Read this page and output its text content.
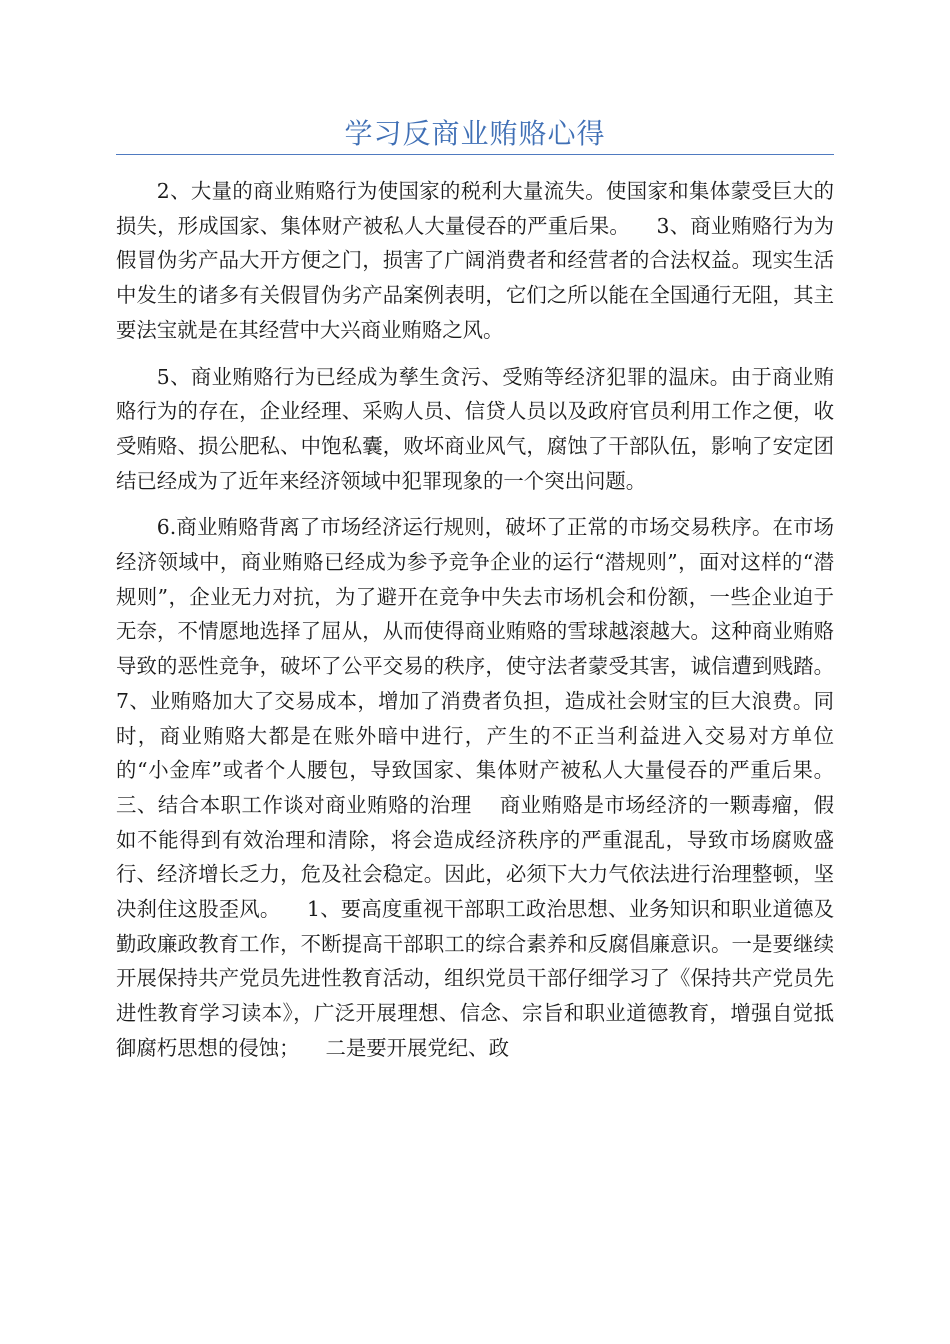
学习反商业贿赂心得

2、大量的商业贿赂行为使国家的税利大量流失。使国家和集体蒙受巨大的损失，形成国家、集体财产被私人大量侵吞的严重后果。    3、商业贿赂行为为假冒伪劣产品大开方便之门，损害了广阔消费者和经营者的合法权益。现实生活中发生的诸多有关假冒伪劣产品案例表明，它们之所以能在全国通行无阻，其主要法宝就是在其经营中大兴商业贿赂之风。

5、商业贿赂行为已经成为孳生贪污、受贿等经济犯罪的温床。由于商业贿赂行为的存在，企业经理、采购人员、信贷人员以及政府官员利用工作之便，收受贿赂、损公肥私、中饱私囊，败坏商业风气，腐蚀了干部队伍，影响了安定团结已经成为了近年来经济领域中犯罪现象的一个突出问题。

6.商业贿赂背离了市场经济运行规则，破坏了正常的市场交易秩序。在市场经济领域中，商业贿赂已经成为参予竞争企业的运行“潜规则”，面对这样的“潜规则”，企业无力对抗，为了避开在竞争中失去市场机会和份额，一些企业迫于无奈，不情愿地选择了屈从，从而使得商业贿赂的雪球越滚越大。这种商业贿赂导致的恶性竞争，破坏了公平交易的秩序，使守法者蒙受其害，诚信遭到贱踏。    7、业贿赂加大了交易成本，增加了消费者负担，造成社会财宝的巨大浪费。同时，商业贿赂大都是在账外暗中进行，产生的不正当利益进入交易对方单位的“小金库”或者个人腰包，导致国家、集体财产被私人大量侵吞的严重后果。    三、结合本职工作谈对商业贿赂的治理    商业贿赂是市场经济的一颗毒瘤，假如不能得到有效治理和清除，将会造成经济秩序的严重混乱，导致市场腐败盛行、经济增长乏力，危及社会稳定。因此，必须下大力气依法进行治理整顿，坚决刹住这股歪风。    1、要高度重视干部职工政治思想、业务知识和职业道德及勤政廉政教育工作，不断提高干部职工的综合素养和反腐倡廉意识。一是要继续开展保持共产党员先进性教育活动，组织党员干部仔细学习了《保持共产党员先进性教育学习读本》，广泛开展理想、信念、宗旨和职业道德教育，增强自觉抵御腐朽思想的侵蚀；    二是要开展党纪、政
